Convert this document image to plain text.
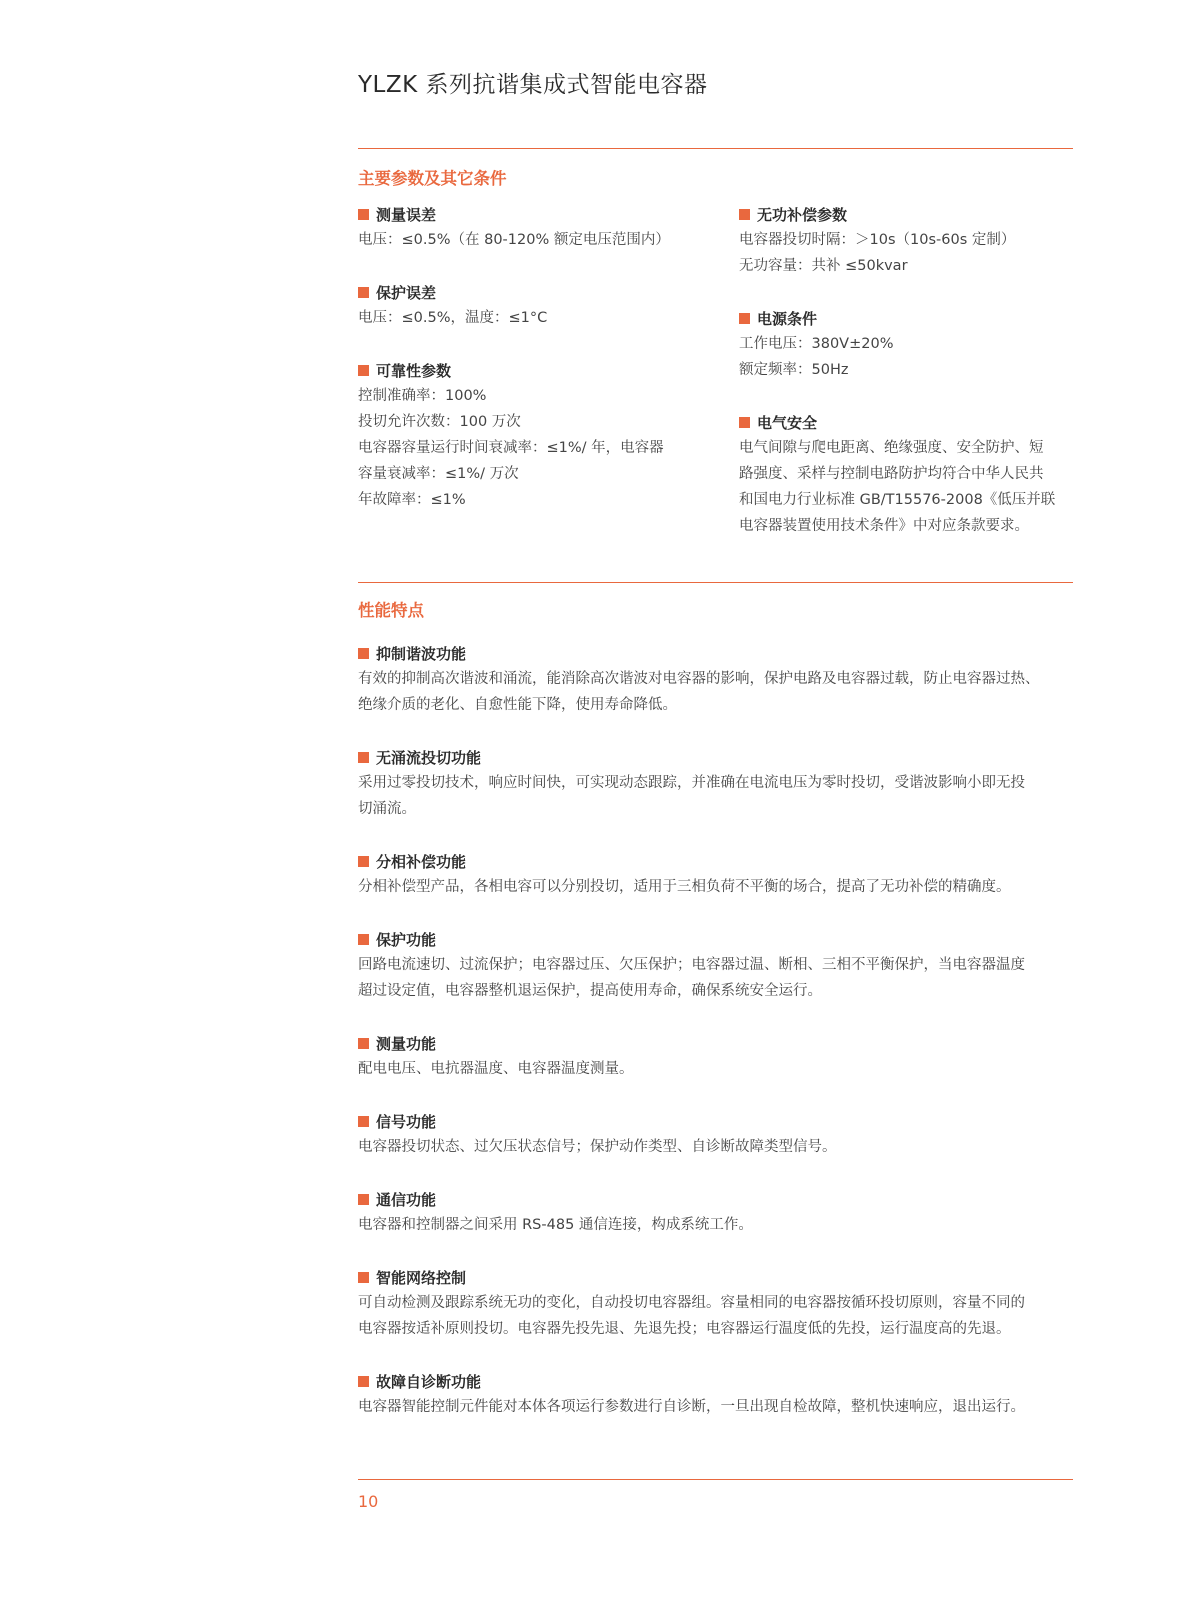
YLZK 系列抗谐集成式智能电容器
主要参数及其它条件
测量误差
电压：≤0.5%（在 80-120% 额定电压范围内）
保护误差
电压：≤0.5%，温度：≤1°C
可靠性参数
控制准确率：100%
投切允许次数：100 万次
电容器容量运行时间衰减率：≤1%/ 年，电容器
容量衰减率：≤1%/ 万次
年故障率：≤1%
无功补偿参数
电容器投切时隔：＞10s（10s-60s 定制）
无功容量：共补 ≤50kvar
电源条件
工作电压：380V±20%
额定频率：50Hz
电气安全
电气间隙与爬电距离、绝缘强度、安全防护、短
路强度、采样与控制电路防护均符合中华人民共
和国电力行业标准 GB/T15576-2008《低压并联
电容器装置使用技术条件》中对应条款要求。
性能特点
抑制谐波功能
有效的抑制高次谐波和涌流，能消除高次谐波对电容器的影响，保护电路及电容器过载，防止电容器过热、
绝缘介质的老化、自愈性能下降，使用寿命降低。
无涌流投切功能
采用过零投切技术，响应时间快，可实现动态跟踪，并准确在电流电压为零时投切，受谐波影响小即无投
切涌流。
分相补偿功能
分相补偿型产品，各相电容可以分别投切，适用于三相负荷不平衡的场合，提高了无功补偿的精确度。
保护功能
回路电流速切、过流保护；电容器过压、欠压保护；电容器过温、断相、三相不平衡保护，当电容器温度
超过设定值，电容器整机退运保护，提高使用寿命，确保系统安全运行。
测量功能
配电电压、电抗器温度、电容器温度测量。
信号功能
电容器投切状态、过欠压状态信号；保护动作类型、自诊断故障类型信号。
通信功能
电容器和控制器之间采用 RS-485 通信连接，构成系统工作。
智能网络控制
可自动检测及跟踪系统无功的变化，自动投切电容器组。容量相同的电容器按循环投切原则，容量不同的
电容器按适补原则投切。电容器先投先退、先退先投；电容器运行温度低的先投，运行温度高的先退。
故障自诊断功能
电容器智能控制元件能对本体各项运行参数进行自诊断，一旦出现自检故障，整机快速响应，退出运行。
10
